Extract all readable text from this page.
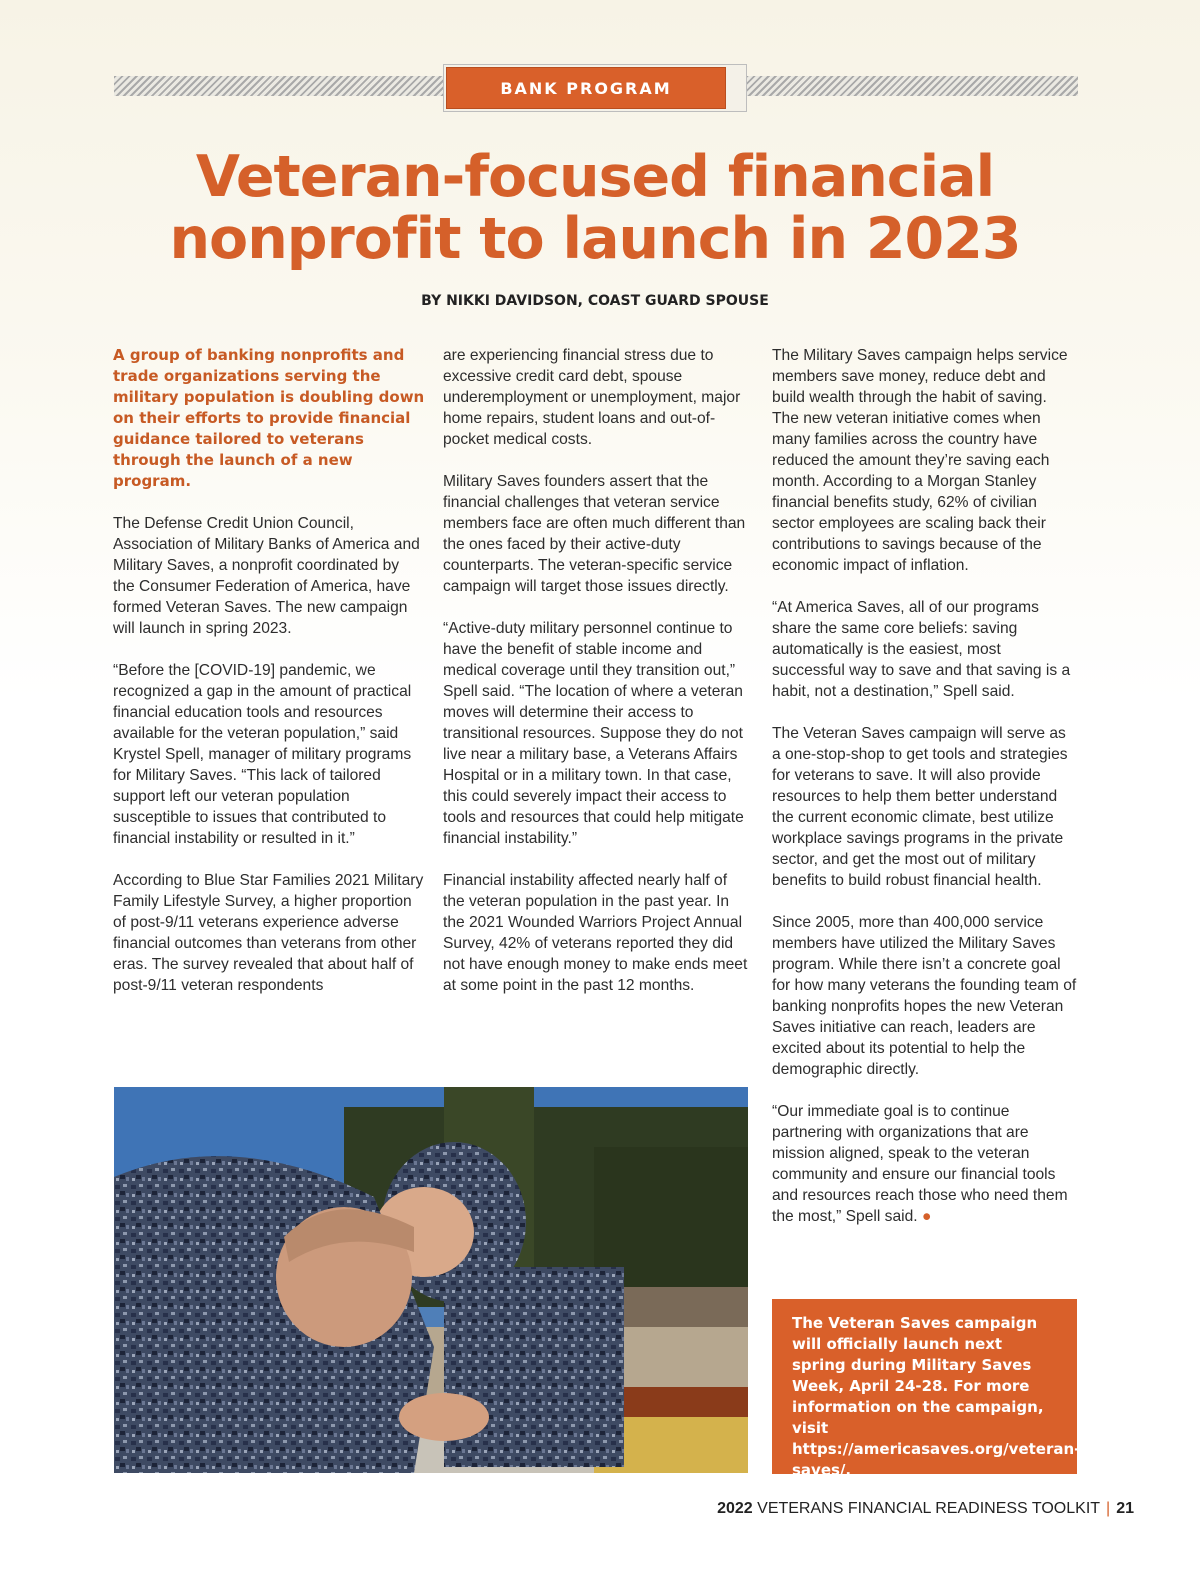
BANK PROGRAM
Veteran-focused financial
nonprofit to launch in 2023

BY NIKKI DAVIDSON, COAST GUARD SPOUSE

A group of banking nonprofits and trade organizations serving the military population is doubling down on their efforts to provide financial guidance tailored to veterans through the launch of a new program.

The Defense Credit Union Council, Association of Military Banks of America and Military Saves, a nonprofit coordinated by the Consumer Federation of America, have formed Veteran Saves. The new campaign will launch in spring 2023.

“Before the [COVID-19] pandemic, we recognized a gap in the amount of practical financial education tools and resources available for the veteran population,” said Krystel Spell, manager of military programs for Military Saves. “This lack of tailored support left our veteran population susceptible to issues that contributed to financial instability or resulted in it.”

According to Blue Star Families 2021 Military Family Lifestyle Survey, a higher proportion of post-9/11 veterans experience adverse financial outcomes than veterans from other eras. The survey revealed that about half of post-9/11 veteran respondents

are experiencing financial stress due to excessive credit card debt, spouse underemployment or unemployment, major home repairs, student loans and out-of-pocket medical costs.

Military Saves founders assert that the financial challenges that veteran service members face are often much different than the ones faced by their active-duty counterparts. The veteran-specific service campaign will target those issues directly.

“Active-duty military personnel continue to have the benefit of stable income and medical coverage until they transition out,” Spell said. “The location of where a veteran moves will determine their access to transitional resources. Suppose they do not live near a military base, a Veterans Affairs Hospital or in a military town. In that case, this could severely impact their access to tools and resources that could help mitigate financial instability.”

Financial instability affected nearly half of the veteran population in the past year. In the 2021 Wounded Warriors Project Annual Survey, 42% of veterans reported they did not have enough money to make ends meet at some point in the past 12 months.

The Military Saves campaign helps service members save money, reduce debt and build wealth through the habit of saving. The new veteran initiative comes when many families across the country have reduced the amount they’re saving each month. According to a Morgan Stanley financial benefits study, 62% of civilian sector employees are scaling back their contributions to savings because of the economic impact of inflation.

“At America Saves, all of our programs share the same core beliefs: saving automatically is the easiest, most successful way to save and that saving is a habit, not a destination,” Spell said.

The Veteran Saves campaign will serve as a one-stop-shop to get tools and strategies for veterans to save. It will also provide resources to help them better understand the current economic climate, best utilize workplace savings programs in the private sector, and get the most out of military benefits to build robust financial health.

Since 2005, more than 400,000 service members have utilized the Military Saves program. While there isn’t a concrete goal for how many veterans the founding team of banking nonprofits hopes the new Veteran Saves initiative can reach, leaders are excited about its potential to help the demographic directly.

“Our immediate goal is to continue partnering with organizations that are mission aligned, speak to the veteran community and ensure our financial tools and resources reach those who need them the most,” Spell said. ●

The Veteran Saves campaign will officially launch next spring during Military Saves Week, April 24-28. For more information on the campaign, visit https://americasaves.org/veteran-saves/.

2022 VETERANS FINANCIAL READINESS TOOLKIT | 21
